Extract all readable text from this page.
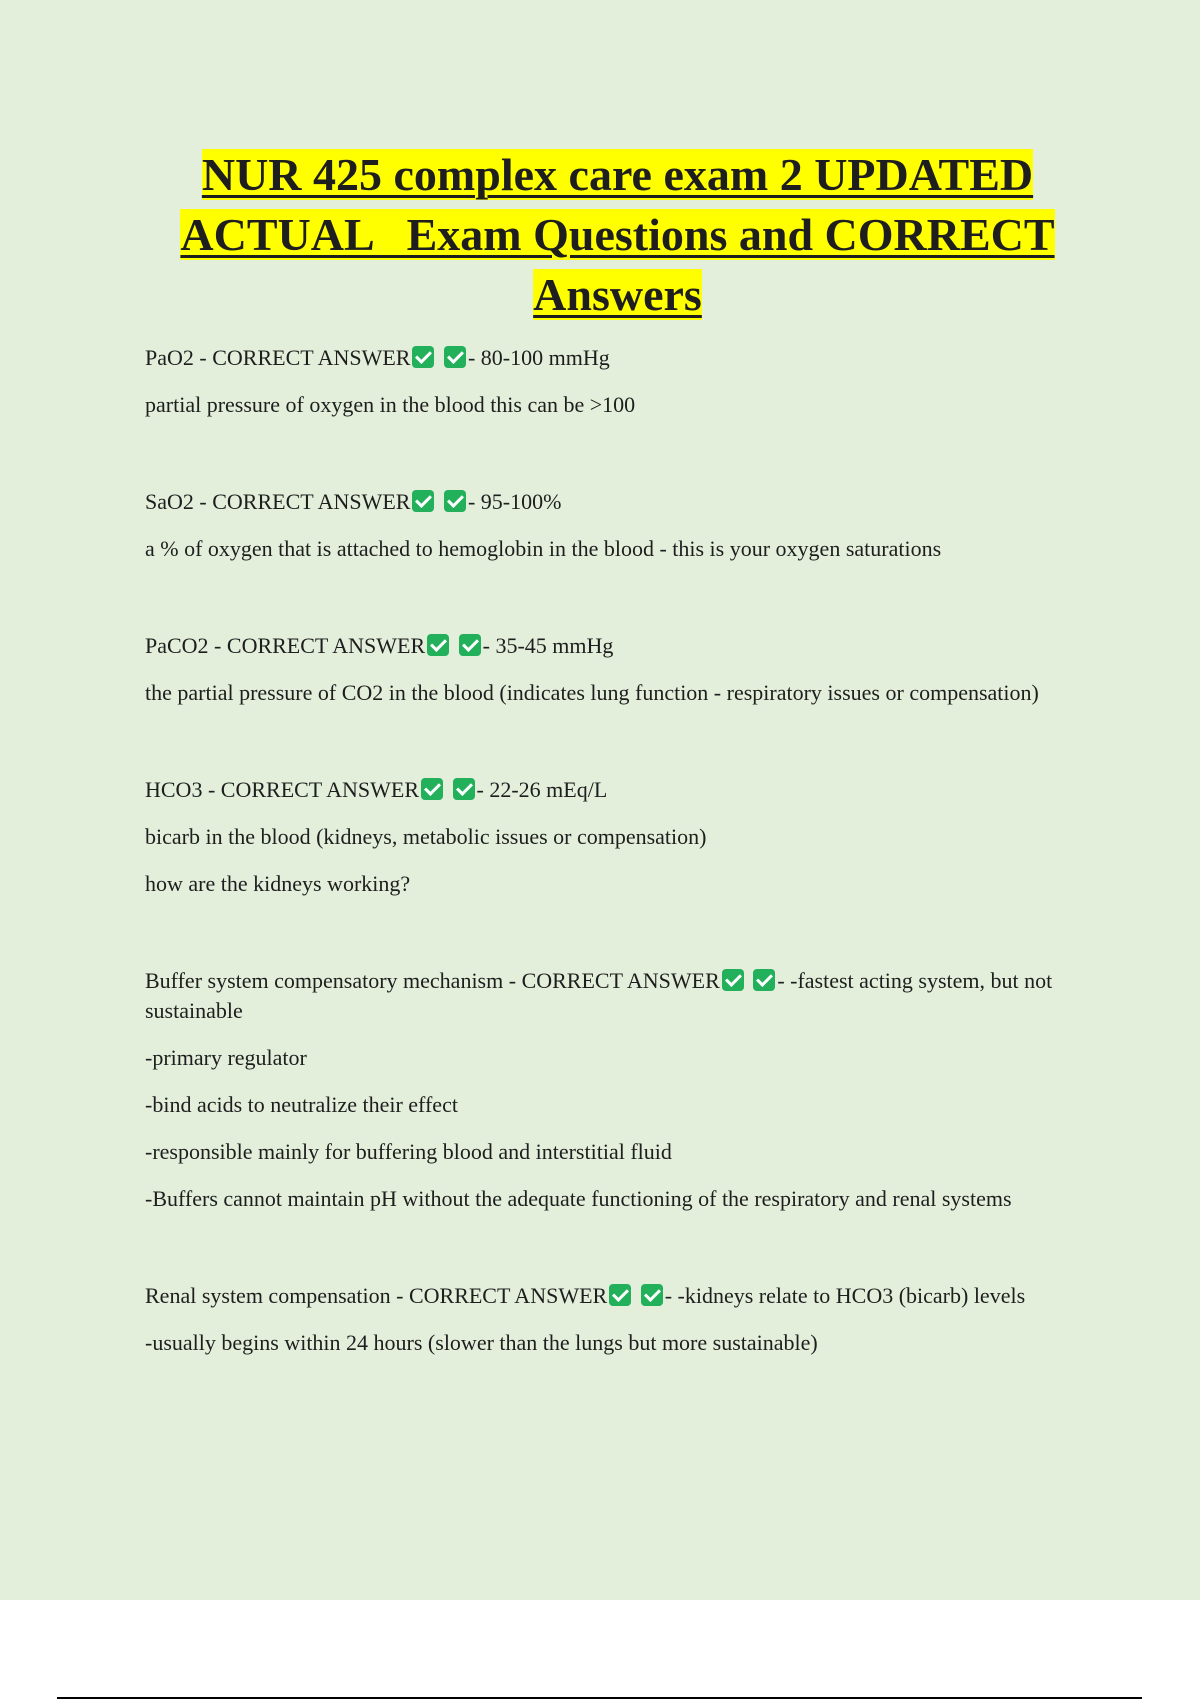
NUR 425 complex care exam 2 UPDATED
ACTUAL   Exam Questions and CORRECT
Answers

PaO2 - CORRECT ANSWER	- 80-100 mmHg

partial pressure of oxygen in the blood this can be >100

SaO2 - CORRECT ANSWER	- 95-100%

a % of oxygen that is attached to hemoglobin in the blood - this is your oxygen saturations

PaCO2 - CORRECT ANSWER	- 35-45 mmHg

the partial pressure of CO2 in the blood (indicates lung function - respiratory issues or compensation)

HCO3 - CORRECT ANSWER	- 22-26 mEq/L

bicarb in the blood (kidneys, metabolic issues or compensation)

how are the kidneys working?

Buffer system compensatory mechanism - CORRECT ANSWER	- -fastest acting system, but not sustainable

-primary regulator

-bind acids to neutralize their effect

-responsible mainly for buffering blood and interstitial fluid

-Buffers cannot maintain pH without the adequate functioning of the respiratory and renal systems

Renal system compensation - CORRECT ANSWER	- -kidneys relate to HCO3 (bicarb) levels

-usually begins within 24 hours (slower than the lungs but more sustainable)
